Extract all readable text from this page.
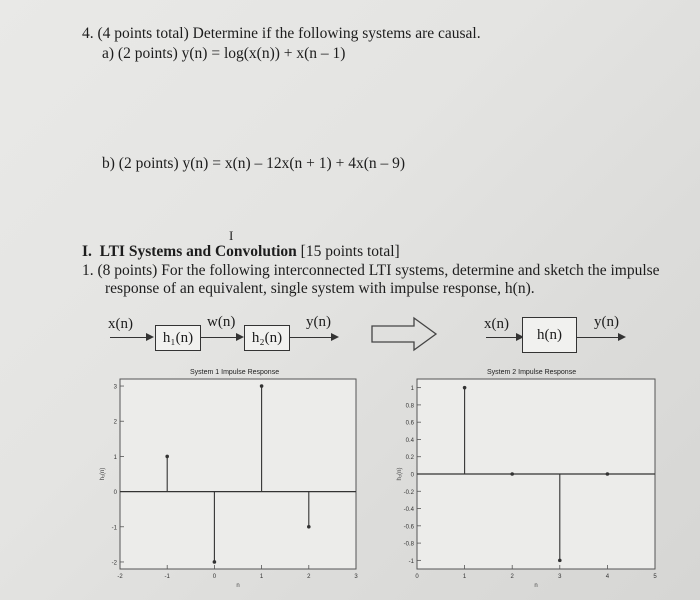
4. (4 points total) Determine if the following systems are causal.
a) (2 points) y(n) = log(x(n)) + x(n – 1)
b) (2 points) y(n) = x(n) – 12x(n + 1) + 4x(n – 9)
I
I. LTI Systems and Convolution [15 points total]
1. (8 points) For the following interconnected LTI systems, determine and sketch the impulse
response of an equivalent, single system with impulse response, h(n).
x(n)
h₁(n)
w(n)
h₂(n)
y(n)	x(n)
h(n)
y(n)
System 1 Impulse Response
-2
-1
0
1
2
3
-2	-1	0	1	2	3
n
h₁(n)
System 2 Impulse Response
-1
-0.8
-0.6
-0.4
-0.2
0
0.2
0.4
0.6
0.8
1
0	1	2	3	4	5
n
h₂(n)
